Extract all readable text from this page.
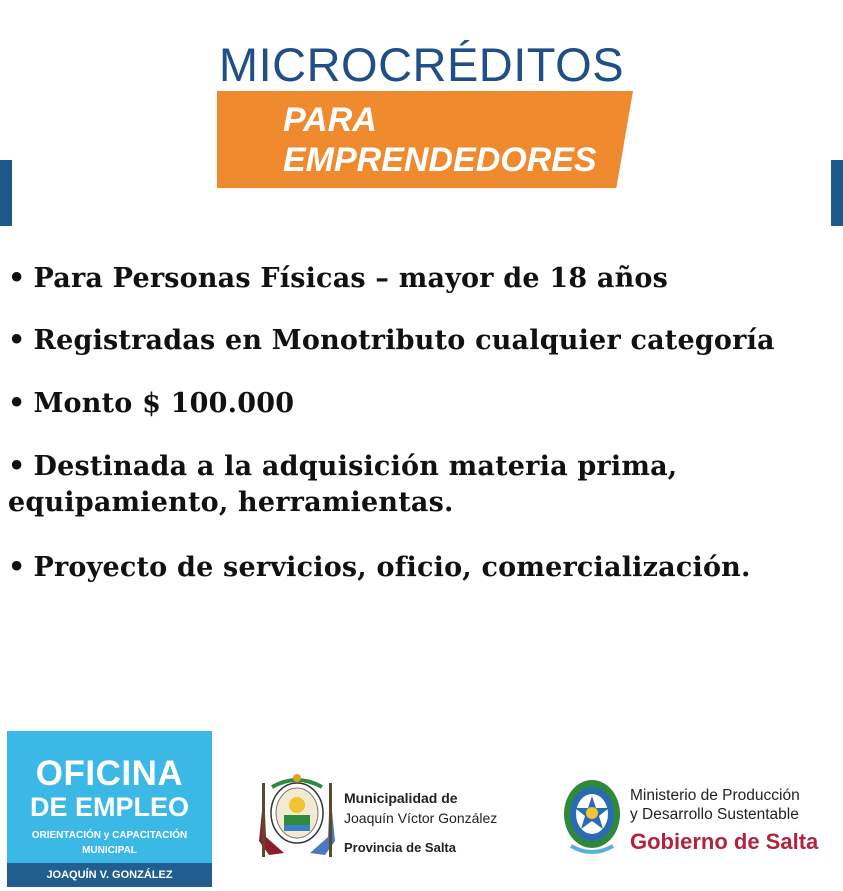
MICROCRÉDITOS
PARA
EMPRENDEDORES

• Para Personas Físicas – mayor de 18 años

• Registradas en Monotributo cualquier categoría

• Monto $ 100.000

• Destinada a la adquisición materia prima, equipamiento, herramientas.

• Proyecto de servicios, oficio, comercialización.

OFICINA
DE EMPLEO
ORIENTACIÓN y CAPACITACIÓN
MUNICIPAL
JOAQUÍN V. GONZÁLEZ
Municipalidad de
Joaquín Víctor González
Provincia de Salta
Ministerio de Producción
y Desarrollo Sustentable
Gobierno de Salta
